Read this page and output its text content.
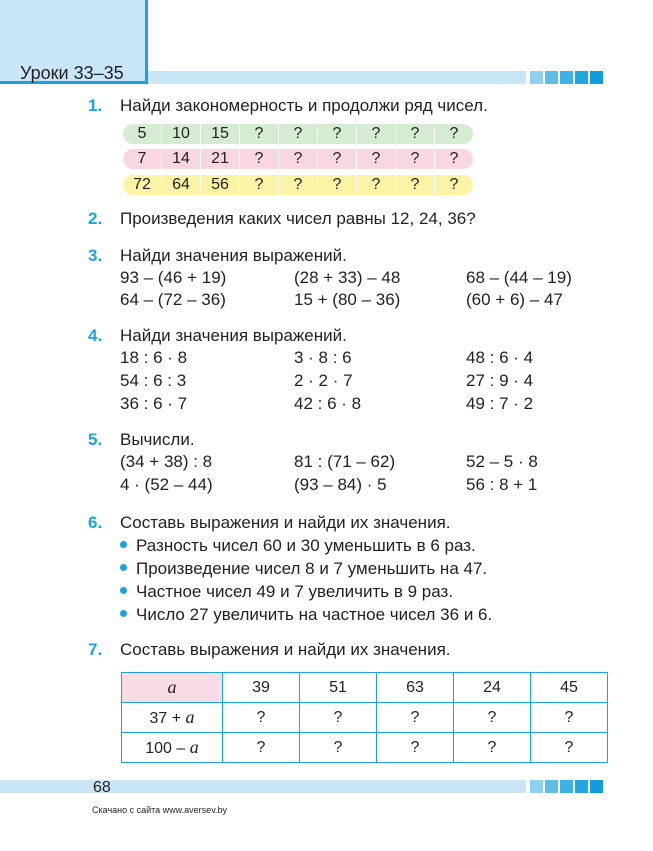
Уроки 33–35
1. Найди закономерность и продолжи ряд чисел.
5	10	15	?	?	?	?	?	?
7	14	21	?	?	?	?	?	?
72	64	56	?	?	?	?	?	?
2. Произведения каких чисел равны 12, 24, 36?
3. Найди значения выражений.
93 – (46 + 19)	(28 + 33) – 48	68 – (44 – 19)
64 – (72 – 36)	15 + (80 – 36)	(60 + 6) – 47
4. Найди значения выражений.
18 : 6 · 8	3 · 8 : 6	48 : 6 · 4
54 : 6 : 3	2 · 2 · 7	27 : 9 · 4
36 : 6 · 7	42 : 6 · 8	49 : 7 · 2
5. Вычисли.
(34 + 38) : 8	81 : (71 – 62)	52 – 5 · 8
4 · (52 – 44)	(93 – 84) · 5	56 : 8 + 1
6. Составь выражения и найди их значения.
Разность чисел 60 и 30 уменьшить в 6 раз.
Произведение чисел 8 и 7 уменьшить на 47.
Частное чисел 49 и 7 увеличить в 9 раз.
Число 27 увеличить на частное чисел 36 и 6.
7. Составь выражения и найди их значения.
a	39	51	63	24	45
37 + a	?	?	?	?	?
100 – a	?	?	?	?	?
68
Скачано с сайта www.aversev.by
